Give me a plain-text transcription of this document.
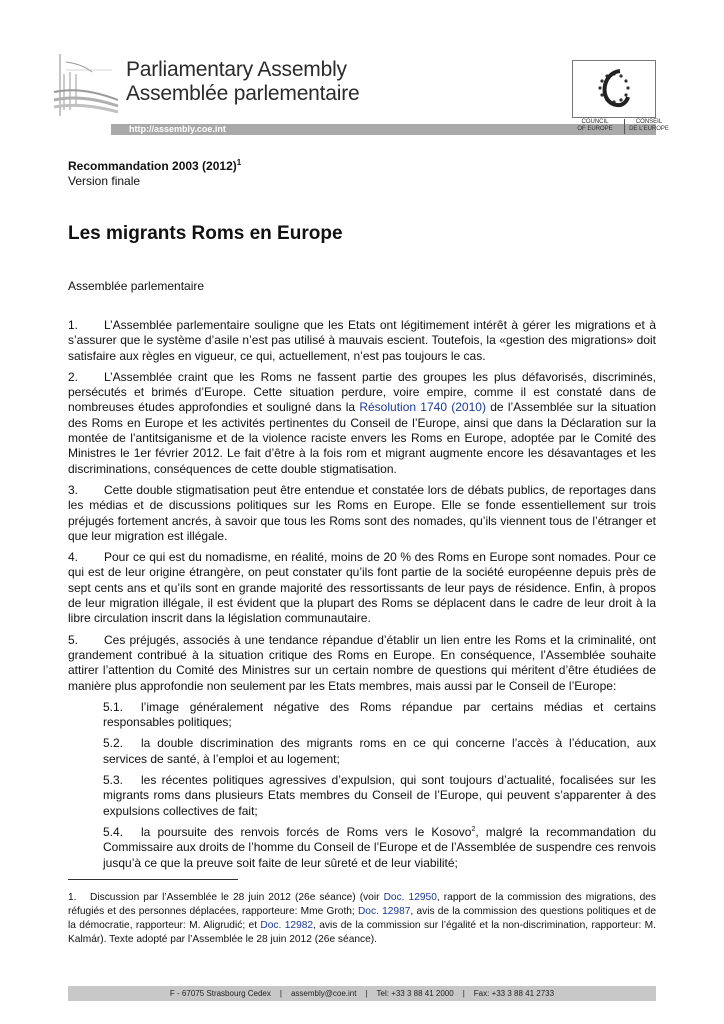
Parliamentary Assembly
Assemblée parlementaire
http://assembly.coe.int
COUNCIL
OF EUROPE
CONSEIL
DE L'EUROPE
Recommandation 2003 $(2012)^1$
Version finale
Les migrants Roms en Europe
Assemblée parlementaire

1. L’Assemblée parlementaire souligne que les Etats ont légitimement intérêt à gérer les migrations et à s’assurer que le système d’asile n’est pas utilisé à mauvais escient. Toutefois, la «gestion des migrations» doit satisfaire aux règles en vigueur, ce qui, actuellement, n’est pas toujours le cas.

2. L’Assemblée craint que les Roms ne fassent partie des groupes les plus défavorisés, discriminés, persécutés et brimés d’Europe. Cette situation perdure, voire empire, comme il est constaté dans de nombreuses études approfondies et souligné dans la Résolution 1740 (2010) de l’Assemblée sur la situation des Roms en Europe et les activités pertinentes du Conseil de l’Europe, ainsi que dans la Déclaration sur la montée de l’antitsiganisme et de la violence raciste envers les Roms en Europe, adoptée par le Comité des Ministres le 1er février 2012. Le fait d’être à la fois rom et migrant augmente encore les désavantages et les discriminations, conséquences de cette double stigmatisation.

3. Cette double stigmatisation peut être entendue et constatée lors de débats publics, de reportages dans les médias et de discussions politiques sur les Roms en Europe. Elle se fonde essentiellement sur trois préjugés fortement ancrés, à savoir que tous les Roms sont des nomades, qu’ils viennent tous de l’étranger et que leur migration est illégale.

4. Pour ce qui est du nomadisme, en réalité, moins de 20 % des Roms en Europe sont nomades. Pour ce qui est de leur origine étrangère, on peut constater qu’ils font partie de la société européenne depuis près de sept cents ans et qu’ils sont en grande majorité des ressortissants de leur pays de résidence. Enfin, à propos de leur migration illégale, il est évident que la plupart des Roms se déplacent dans le cadre de leur droit à la libre circulation inscrit dans la législation communautaire.

5. Ces préjugés, associés à une tendance répandue d’établir un lien entre les Roms et la criminalité, ont grandement contribué à la situation critique des Roms en Europe. En conséquence, l’Assemblée souhaite attirer l’attention du Comité des Ministres sur un certain nombre de questions qui méritent d’être étudiées de manière plus approfondie non seulement par les Etats membres, mais aussi par le Conseil de l’Europe:

5.1. l’image généralement négative des Roms répandue par certains médias et certains responsables politiques;

5.2. la double discrimination des migrants roms en ce qui concerne l’accès à l’éducation, aux services de santé, à l’emploi et au logement;

5.3. les récentes politiques agressives d’expulsion, qui sont toujours d’actualité, focalisées sur les migrants roms dans plusieurs Etats membres du Conseil de l’Europe, qui peuvent s’apparenter à des expulsions collectives de fait;

5.4. la poursuite des renvois forcés de Roms vers le Kosovo$^2$, malgré la recommandation du Commissaire aux droits de l’homme du Conseil de l’Europe et de l’Assemblée de suspendre ces renvois jusqu’à ce que la preuve soit faite de leur sûreté et de leur viabilité;

1. Discussion par l’Assemblée le 28 juin 2012 (26e séance) (voir Doc. 12950, rapport de la commission des migrations, des réfugiés et des personnes déplacées, rapporteure: Mme Groth; Doc. 12987, avis de la commission des questions politiques et de la démocratie, rapporteur: M. Aligrudić; et Doc. 12982, avis de la commission sur l’égalité et la non-discrimination, rapporteur: M. Kalmár). Texte adopté par l’Assemblée le 28 juin 2012 (26e séance).
F - 67075 Strasbourg Cedex | assembly@coe.int | Tel: +33 3 88 41 2000 | Fax: +33 3 88 41 2733
